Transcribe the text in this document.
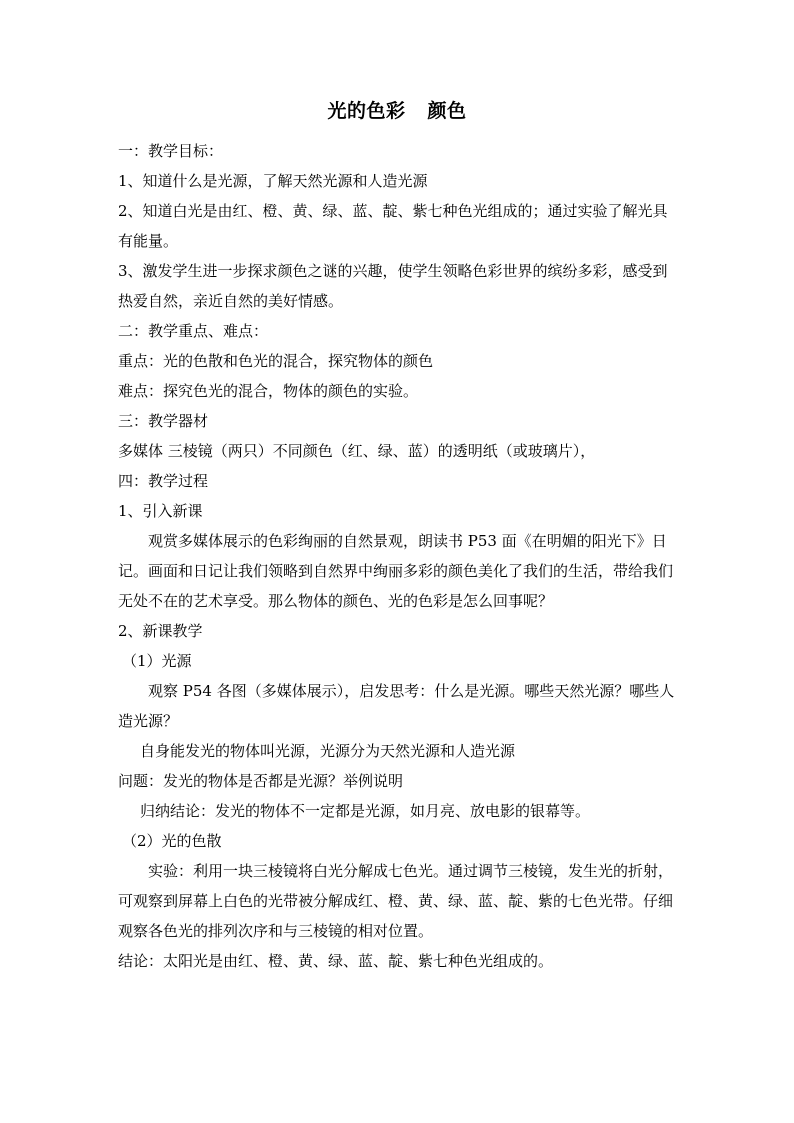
光的色彩 颜色

一：教学目标：

1、知道什么是光源，了解天然光源和人造光源

2、知道白光是由红、橙、黄、绿、蓝、靛、紫七种色光组成的；通过实验了解光具有能量。

3、激发学生进一步探求颜色之谜的兴趣，使学生领略色彩世界的缤纷多彩，感受到热爱自然，亲近自然的美好情感。

二：教学重点、难点：

重点：光的色散和色光的混合，探究物体的颜色

难点：探究色光的混合，物体的颜色的实验。

三：教学器材

多媒体 三棱镜（两只）不同颜色（红、绿、蓝）的透明纸（或玻璃片），

四：教学过程

1、引入新课

观赏多媒体展示的色彩绚丽的自然景观，朗读书 P53 面《在明媚的阳光下》日记。画面和日记让我们领略到自然界中绚丽多彩的颜色美化了我们的生活，带给我们无处不在的艺术享受。那么物体的颜色、光的色彩是怎么回事呢？

2、新课教学

（1）光源

观察 P54 各图（多媒体展示），启发思考：什么是光源。哪些天然光源？哪些人造光源？

自身能发光的物体叫光源，光源分为天然光源和人造光源

问题：发光的物体是否都是光源？举例说明

归纳结论：发光的物体不一定都是光源，如月亮、放电影的银幕等。

（2）光的色散

实验：利用一块三棱镜将白光分解成七色光。通过调节三棱镜，发生光的折射，可观察到屏幕上白色的光带被分解成红、橙、黄、绿、蓝、靛、紫的七色光带。仔细观察各色光的排列次序和与三棱镜的相对位置。

结论：太阳光是由红、橙、黄、绿、蓝、靛、紫七种色光组成的。
